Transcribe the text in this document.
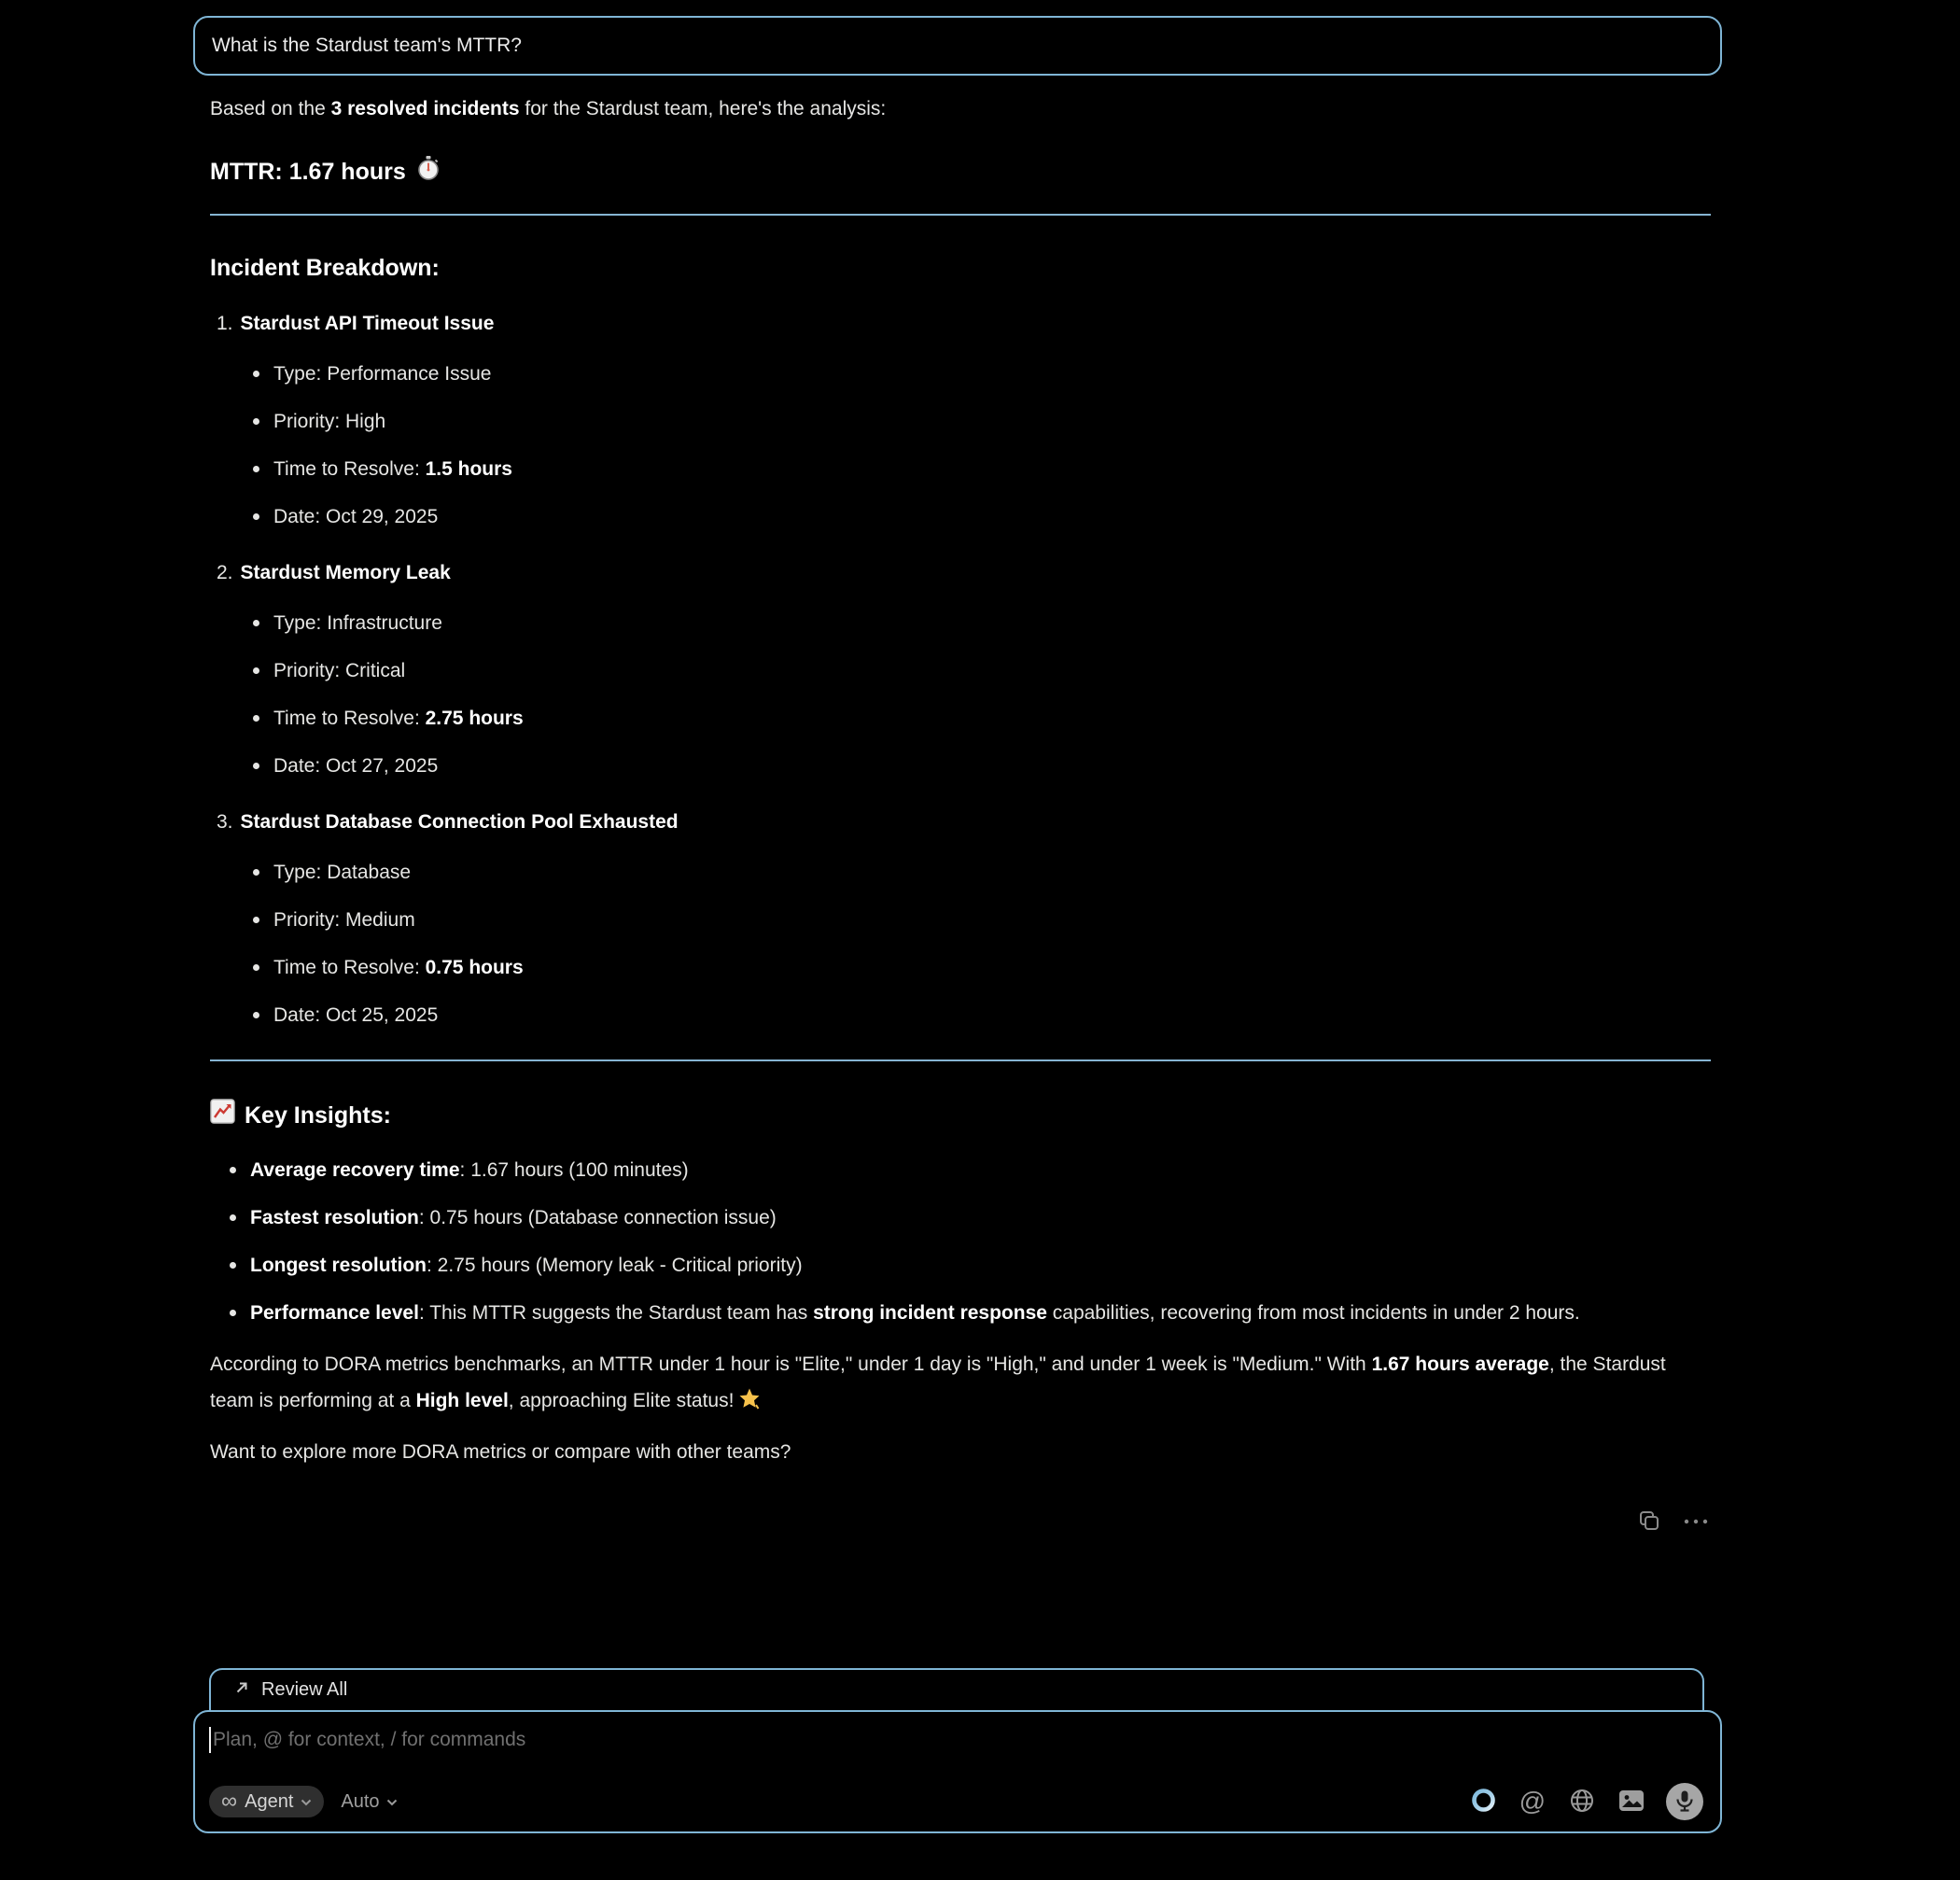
What is the Stardust team's MTTR?

Based on the 3 resolved incidents for the Stardust team, here's the analysis:

MTTR: 1.67 hours
Incident Breakdown:
1. Stardust API Timeout Issue
Type: Performance Issue
Priority: High
Time to Resolve: 1.5 hours
Date: Oct 29, 2025
2. Stardust Memory Leak
Type: Infrastructure
Priority: Critical
Time to Resolve: 2.75 hours
Date: Oct 27, 2025
3. Stardust Database Connection Pool Exhausted
Type: Database
Priority: Medium
Time to Resolve: 0.75 hours
Date: Oct 25, 2025
Key Insights:
Average recovery time: 1.67 hours (100 minutes)
Fastest resolution: 0.75 hours (Database connection issue)
Longest resolution: 2.75 hours (Memory leak - Critical priority)
Performance level: This MTTR suggests the Stardust team has strong incident response capabilities, recovering from most incidents in under 2 hours.

According to DORA metrics benchmarks, an MTTR under 1 hour is "Elite," under 1 day is "High," and under 1 week is "Medium." With 1.67 hours average, the Stardust team is performing at a High level, approaching Elite status!

Want to explore more DORA metrics or compare with other teams?

Review All
Plan, @ for context, / for commands
∞ Agent	Auto	@
